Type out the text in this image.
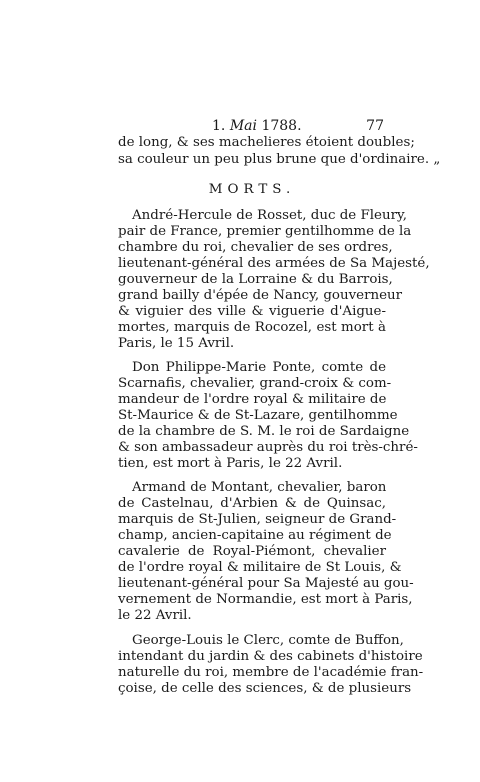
1. Mai 1788.	77
de long, & ses machelieres étoient doubles;
sa couleur un peu plus brune que d'ordinaire. „
MORTS.
André-Hercule de Rosset, duc de Fleury,
pair de France, premier gentilhomme de la
chambre du roi, chevalier de ses ordres,
lieutenant-général des armées de Sa Majesté,
gouverneur de la Lorraine & du Barrois,
grand bailly d'épée de Nancy, gouverneur
& viguier des ville & viguerie d'Aigue-
mortes, marquis de Rocozel, est mort à
Paris, le 15 Avril.
Don Philippe-Marie Ponte, comte de
Scarnafis, chevalier, grand-croix & com-
mandeur de l'ordre royal & militaire de
St-Maurice & de St-Lazare, gentilhomme
de la chambre de S. M. le roi de Sardaigne
& son ambassadeur auprès du roi très-chré-
tien, est mort à Paris, le 22 Avril.
Armand de Montant, chevalier, baron
de Castelnau, d'Arbien & de Quinsac,
marquis de St-Julien, seigneur de Grand-
champ, ancien-capitaine au régiment de
cavalerie de Royal-Piémont, chevalier
de l'ordre royal & militaire de St Louis, &
lieutenant-général pour Sa Majesté au gou-
vernement de Normandie, est mort à Paris,
le 22 Avril.
George-Louis le Clerc, comte de Buffon,
intendant du jardin & des cabinets d'histoire
naturelle du roi, membre de l'académie fran-
çoise, de celle des sciences, & de plusieurs
